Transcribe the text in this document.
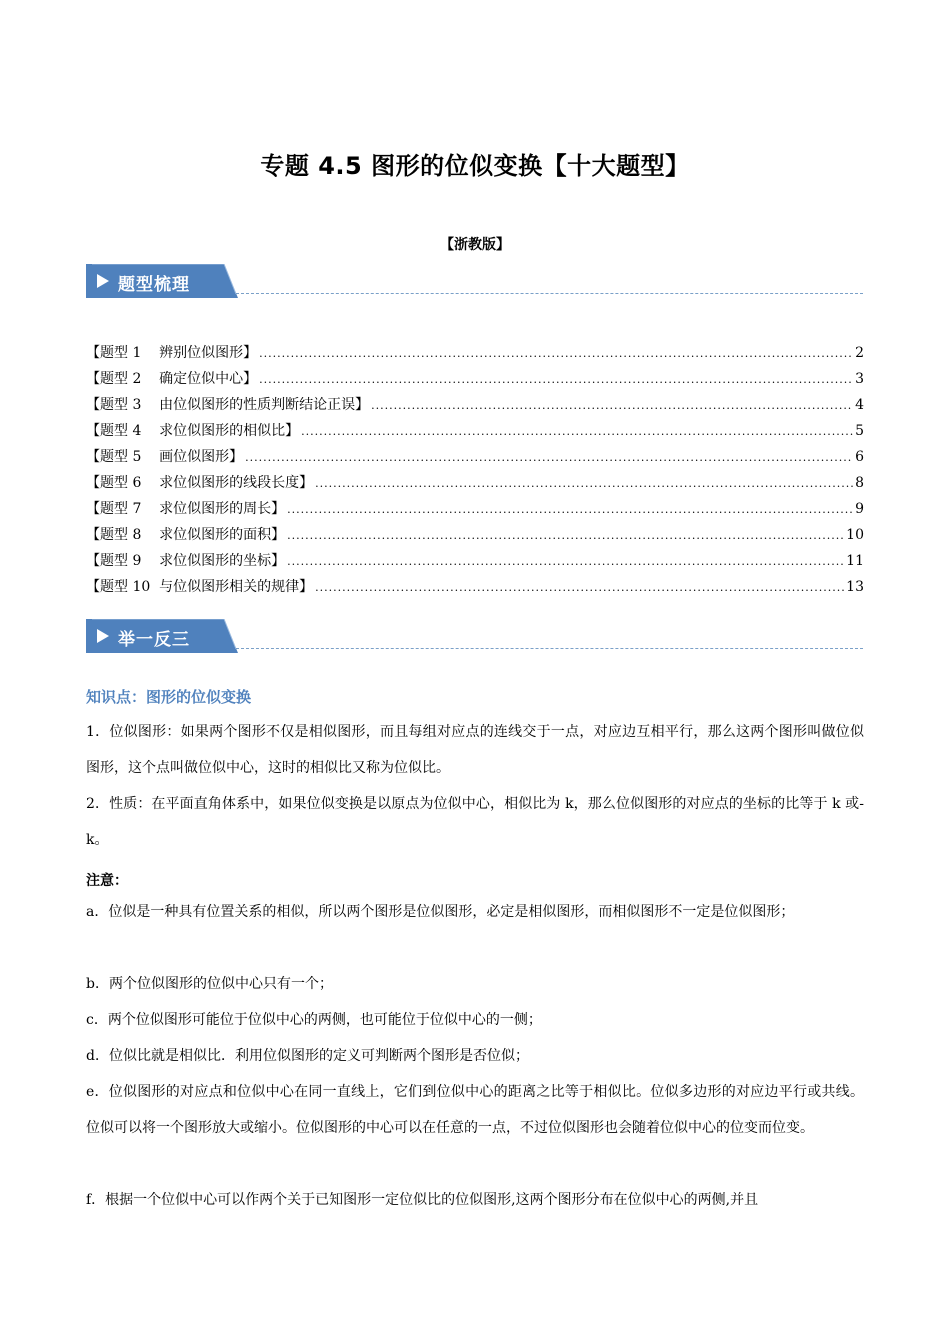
专题 4.5 图形的位似变换【十大题型】
【浙教版】
题型梳理
【题型 1    辨别位似图形】 .....	2
【题型 2    确定位似中心】 .....	3
【题型 3    由位似图形的性质判断结论正误】 .....	4
【题型 4    求位似图形的相似比】 .....	5
【题型 5    画位似图形】 .....	6
【题型 6    求位似图形的线段长度】 .....	8
【题型 7    求位似图形的周长】 .....	9
【题型 8    求位似图形的面积】 .....	10
【题型 9    求位似图形的坐标】 .....	11
【题型 10  与位似图形相关的规律】 .....	13
举一反三
知识点：图形的位似变换
1．位似图形：如果两个图形不仅是相似图形，而且每组对应点的连线交于一点，对应边互相平行，那么这两个图形叫做位似图形，这个点叫做位似中心，这时的相似比又称为位似比。
2．性质：在平面直角体系中，如果位似变换是以原点为位似中心，相似比为 k，那么位似图形的对应点的坐标的比等于 k 或-k。
注意：
a．位似是一种具有位置关系的相似，所以两个图形是位似图形，必定是相似图形，而相似图形不一定是位似图形；
b．两个位似图形的位似中心只有一个；
c．两个位似图形可能位于位似中心的两侧，也可能位于位似中心的一侧；
d．位似比就是相似比．利用位似图形的定义可判断两个图形是否位似；
e．位似图形的对应点和位似中心在同一直线上，它们到位似中心的距离之比等于相似比。位似多边形的对应边平行或共线。位似可以将一个图形放大或缩小。位似图形的中心可以在任意的一点，不过位似图形也会随着位似中心的位变而位变。
f．根据一个位似中心可以作两个关于已知图形一定位似比的位似图形,这两个图形分布在位似中心的两侧,并且
